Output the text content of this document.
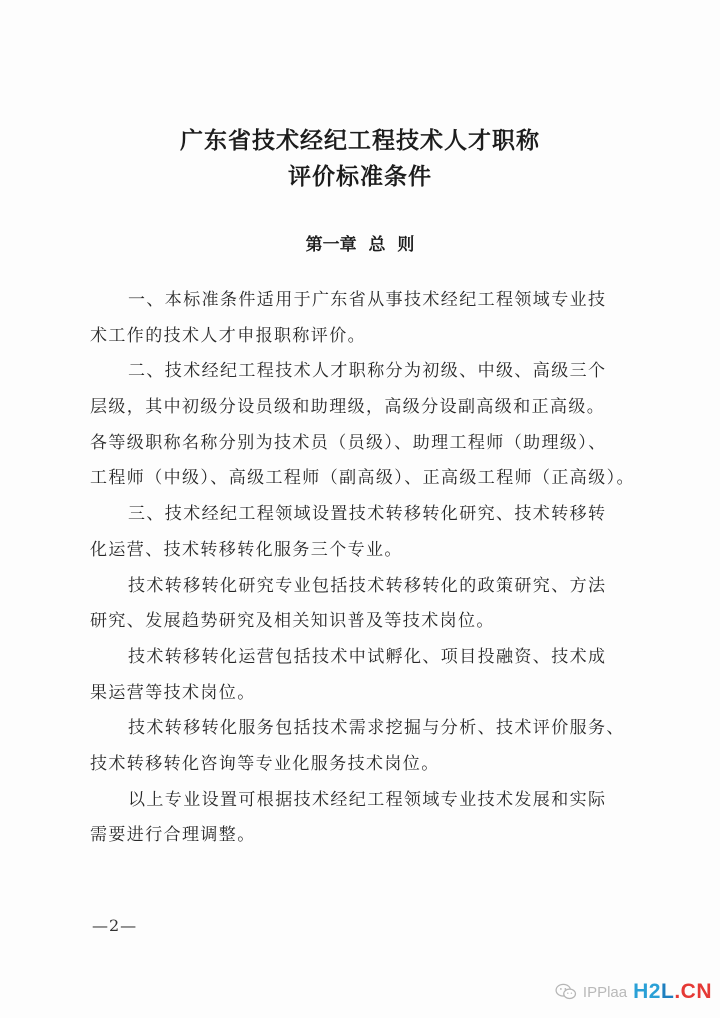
广东省技术经纪工程技术人才职称
评价标准条件
第一章 总 则
一、本标准条件适用于广东省从事技术经纪工程领域专业技
术工作的技术人才申报职称评价。
二、技术经纪工程技术人才职称分为初级、中级、高级三个
层级，其中初级分设员级和助理级，高级分设副高级和正高级。
各等级职称名称分别为技术员（员级）、助理工程师（助理级）、
工程师（中级）、高级工程师（副高级）、正高级工程师（正高级）。
三、技术经纪工程领域设置技术转移转化研究、技术转移转
化运营、技术转移转化服务三个专业。
技术转移转化研究专业包括技术转移转化的政策研究、方法
研究、发展趋势研究及相关知识普及等技术岗位。
技术转移转化运营包括技术中试孵化、项目投融资、技术成
果运营等技术岗位。
技术转移转化服务包括技术需求挖掘与分析、技术评价服务、
技术转移转化咨询等专业化服务技术岗位。
以上专业设置可根据技术经纪工程领域专业技术发展和实际
需要进行合理调整。
—2—
IPPlaa H2L.CN
